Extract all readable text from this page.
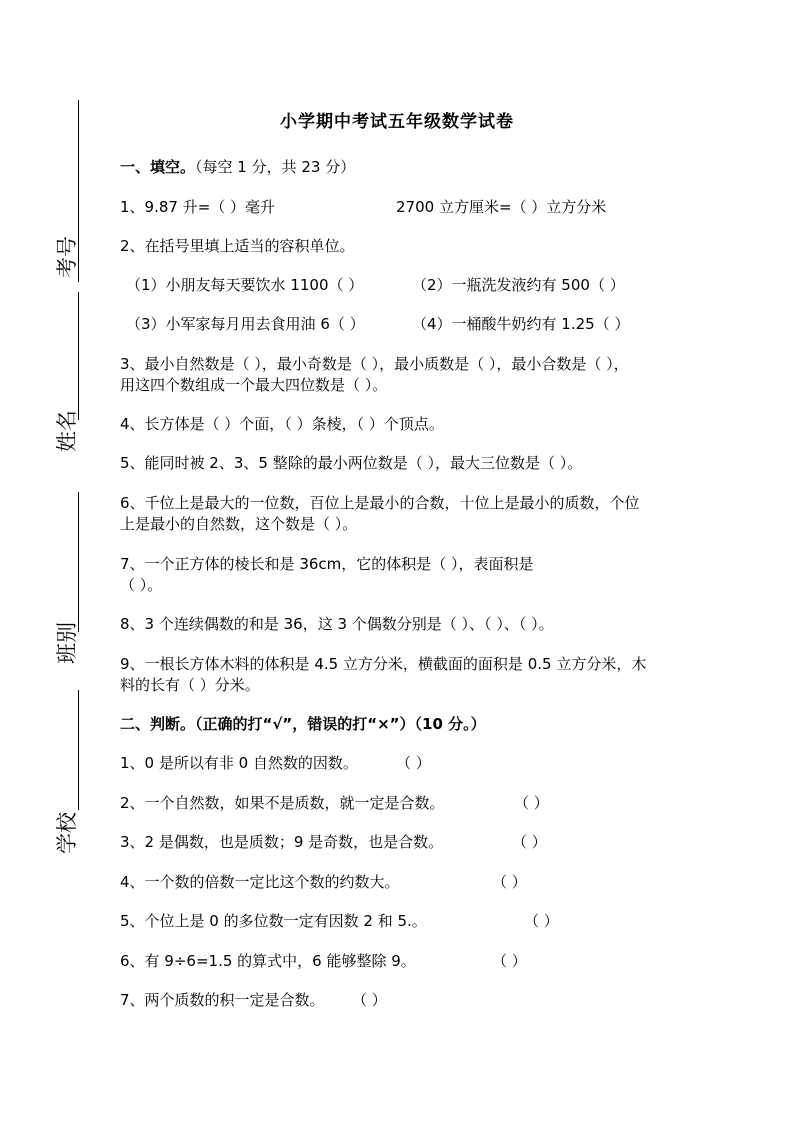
考号
姓名
班别
学校
小学期中考试五年级数学试卷
一、填空。（每空 1 分，共 23 分）
1、9.87 升=（ ）毫升	2700 立方厘米=（ ）立方分米
2、在括号里填上适当的容积单位。
（1）小朋友每天要饮水 1100（ ）	（2）一瓶洗发液约有 500（ ）
（3）小军家每月用去食用油 6（ ）	（4）一桶酸牛奶约有 1.25（ ）
3、最小自然数是（ ），最小奇数是（ ），最小质数是（ ），最小合数是（ ），
用这四个数组成一个最大四位数是（ ）。
4、长方体是（ ）个面，（ ）条棱，（ ）个顶点。
5、能同时被 2、3、5 整除的最小两位数是（ ），最大三位数是（ ）。
6、千位上是最大的一位数，百位上是最小的合数，十位上是最小的质数，个位
上是最小的自然数，这个数是（ ）。
7、一个正方体的棱长和是 36cm，它的体积是（ ），表面积是
（ ）。
8、3 个连续偶数的和是 36，这 3 个偶数分别是（ ）、（ ）、（ ）。
9、一根长方体木料的体积是 4.5 立方分米，横截面的面积是 0.5 立方分米，木
料的长有（ ）分米。
二、判断。（正确的打“√”，错误的打“×”）（10 分。）
1、0 是所以有非 0 自然数的因数。	（ ）
2、一个自然数，如果不是质数，就一定是合数。	（ ）
3、2 是偶数，也是质数；9 是奇数，也是合数。	（ ）
4、一个数的倍数一定比这个数的约数大。	（ ）
5、个位上是 0 的多位数一定有因数 2 和 5.。	（ ）
6、有 9÷6=1.5 的算式中，6 能够整除 9。	（ ）
7、两个质数的积一定是合数。 （ ）
